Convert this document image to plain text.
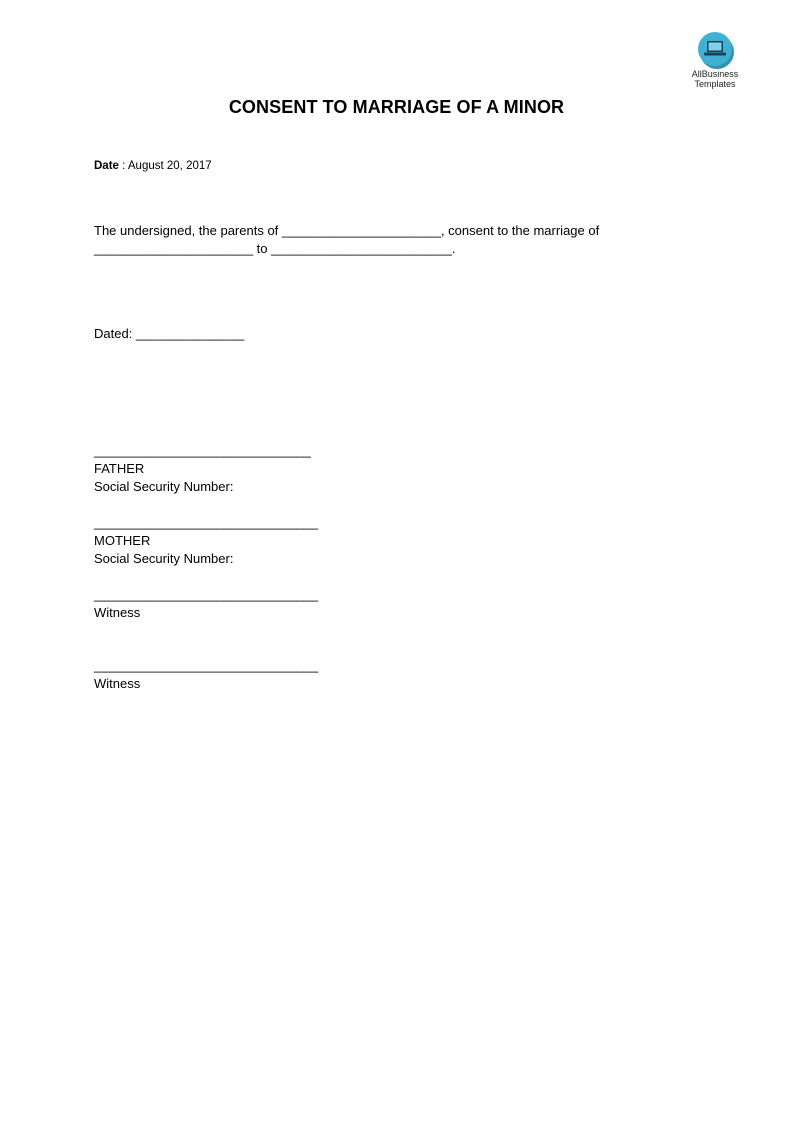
AllBusiness
Templates
CONSENT TO MARRIAGE OF A MINOR
Date : August 20, 2017
The undersigned, the parents of ______________________, consent to the marriage of
______________________ to _________________________.
Dated: _______________
______________________________
FATHER
Social Security Number:
_______________________________
MOTHER
Social Security Number:
_______________________________
Witness
_______________________________
Witness
